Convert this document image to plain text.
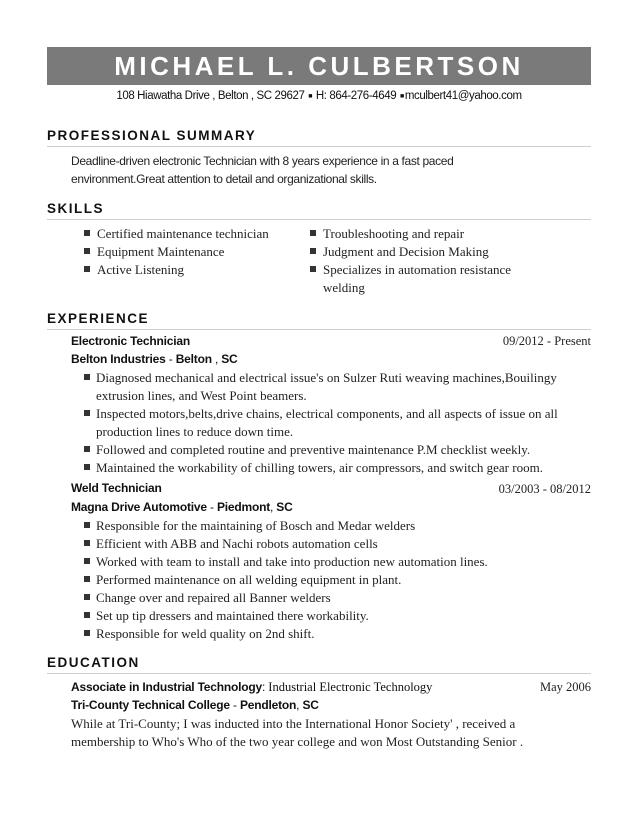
MICHAEL L. CULBERTSON
108 Hiawatha Drive , Belton , SC 29627 ■ H: 864-276-4649 ■mculbert41@yahoo.com
PROFESSIONAL SUMMARY
Deadline-driven electronic Technician with 8 years experience in a fast paced
environment.Great attention to detail and organizational skills.
SKILLS
Certified maintenance technician
Equipment Maintenance
Active Listening
Troubleshooting and repair
Judgment and Decision Making
Specializes in automation resistance welding
EXPERIENCE
Electronic Technician	09/2012 - Present
Belton Industries - Belton , SC
Diagnosed mechanical and electrical issue's on Sulzer Ruti weaving machines,Bouilingy extrusion lines, and West Point beamers.
Inspected motors,belts,drive chains, electrical components, and all aspects of issue on all production lines to reduce down time.
Followed and completed routine and preventive maintenance P.M checklist weekly.
Maintained the workability of chilling towers, air compressors, and switch gear room.
Weld Technician	03/2003 - 08/2012
Magna Drive Automotive - Piedmont, SC
Responsible for the maintaining of Bosch and Medar welders
Efficient with ABB and Nachi robots automation cells
Worked with team to install and take into production new automation lines.
Performed maintenance on all welding equipment in plant.
Change over and repaired all Banner welders
Set up tip dressers and maintained there workability.
Responsible for weld quality on 2nd shift.
EDUCATION
Associate in Industrial Technology: Industrial Electronic Technology	May 2006
Tri-County Technical College - Pendleton, SC
While at Tri-County; I was inducted into the International Honor Society' , received a membership to Who's Who of the two year college and won Most Outstanding Senior .
